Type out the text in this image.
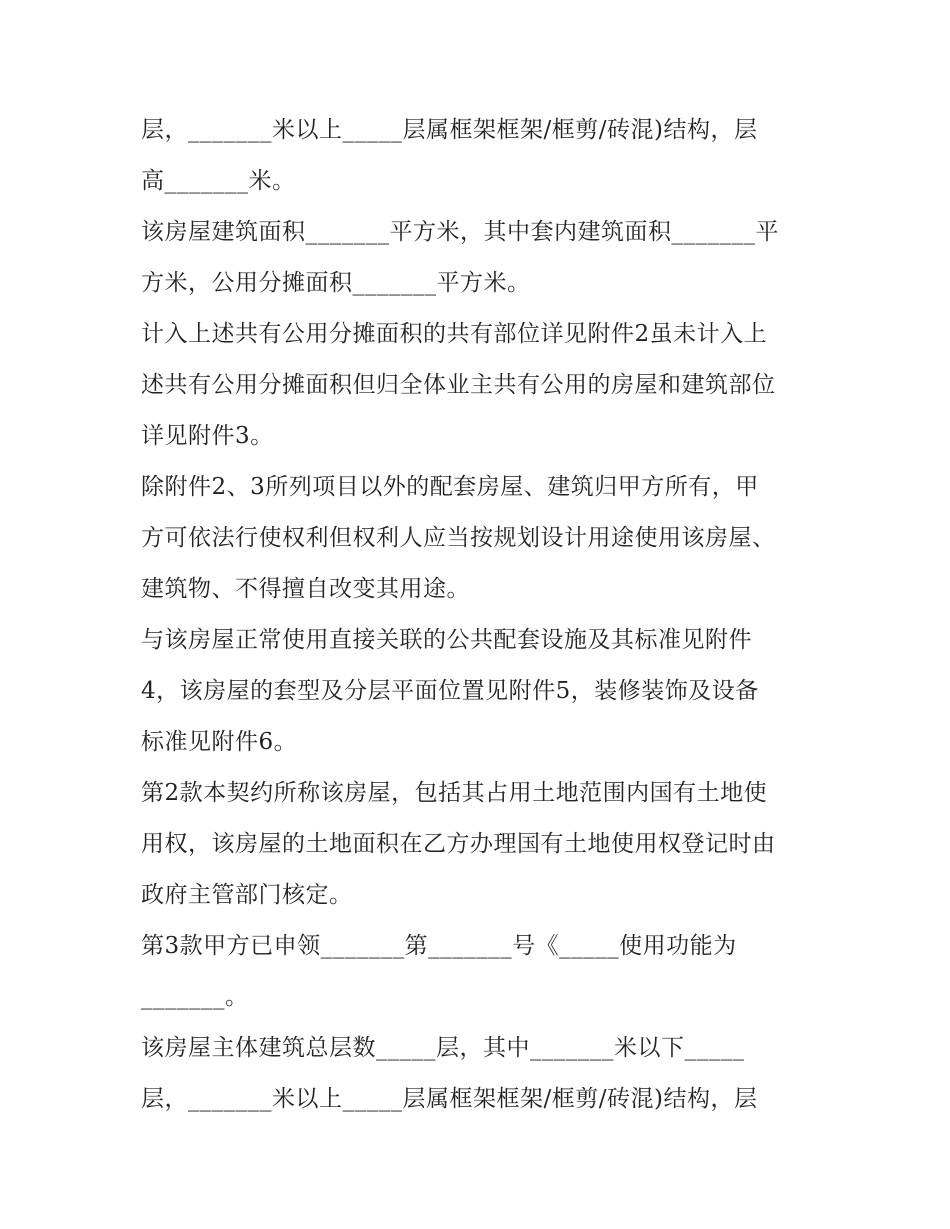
层，_______米以上_____层属框架框架/框剪/砖混)结构，层
高_______米。
该房屋建筑面积_______平方米，其中套内建筑面积_______平
方米，公用分摊面积_______平方米。
计入上述共有公用分摊面积的共有部位详见附件2虽未计入上
述共有公用分摊面积但归全体业主共有公用的房屋和建筑部位
详见附件3。
除附件2、3所列项目以外的配套房屋、建筑归甲方所有，甲
方可依法行使权利但权利人应当按规划设计用途使用该房屋、
建筑物、不得擅自改变其用途。
与该房屋正常使用直接关联的公共配套设施及其标准见附件
4，该房屋的套型及分层平面位置见附件5，装修装饰及设备
标准见附件6。
第2款本契约所称该房屋，包括其占用土地范围内国有土地使
用权，该房屋的土地面积在乙方办理国有土地使用权登记时由
政府主管部门核定。
第3款甲方已申领_______第_______号《_____使用功能为
_______。
该房屋主体建筑总层数_____层，其中_______米以下_____
层，_______米以上_____层属框架框架/框剪/砖混)结构，层
